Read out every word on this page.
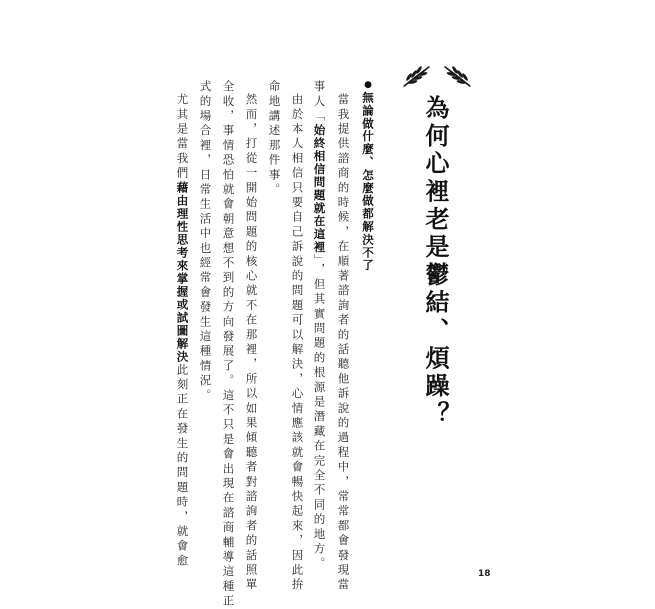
為何心裡老是鬱結、煩躁？
●無論做什麼、怎麼做都解決不了
當我提供諮商的時候，在順著諮詢者的話聽他訴說的過程中，常常都會發現當
事人「始終相信問題就在這裡」，但其實問題的根源是潛藏在完全不同的地方。
由於本人相信只要自己訴說的問題可以解決，心情應該就會暢快起來，因此拚
命地講述那件事。
然而，打從一開始問題的核心就不在那裡，所以如果傾聽者對諮詢者的話照單
全收，事情恐怕就會朝意想不到的方向發展了。這不只是會出現在諮商輔導這種正
式的場合裡，日常生活中也經常會發生這種情況。
尤其是當我們藉由理性思考來掌握或試圖解決此刻正在發生的問題時，就會愈
18
